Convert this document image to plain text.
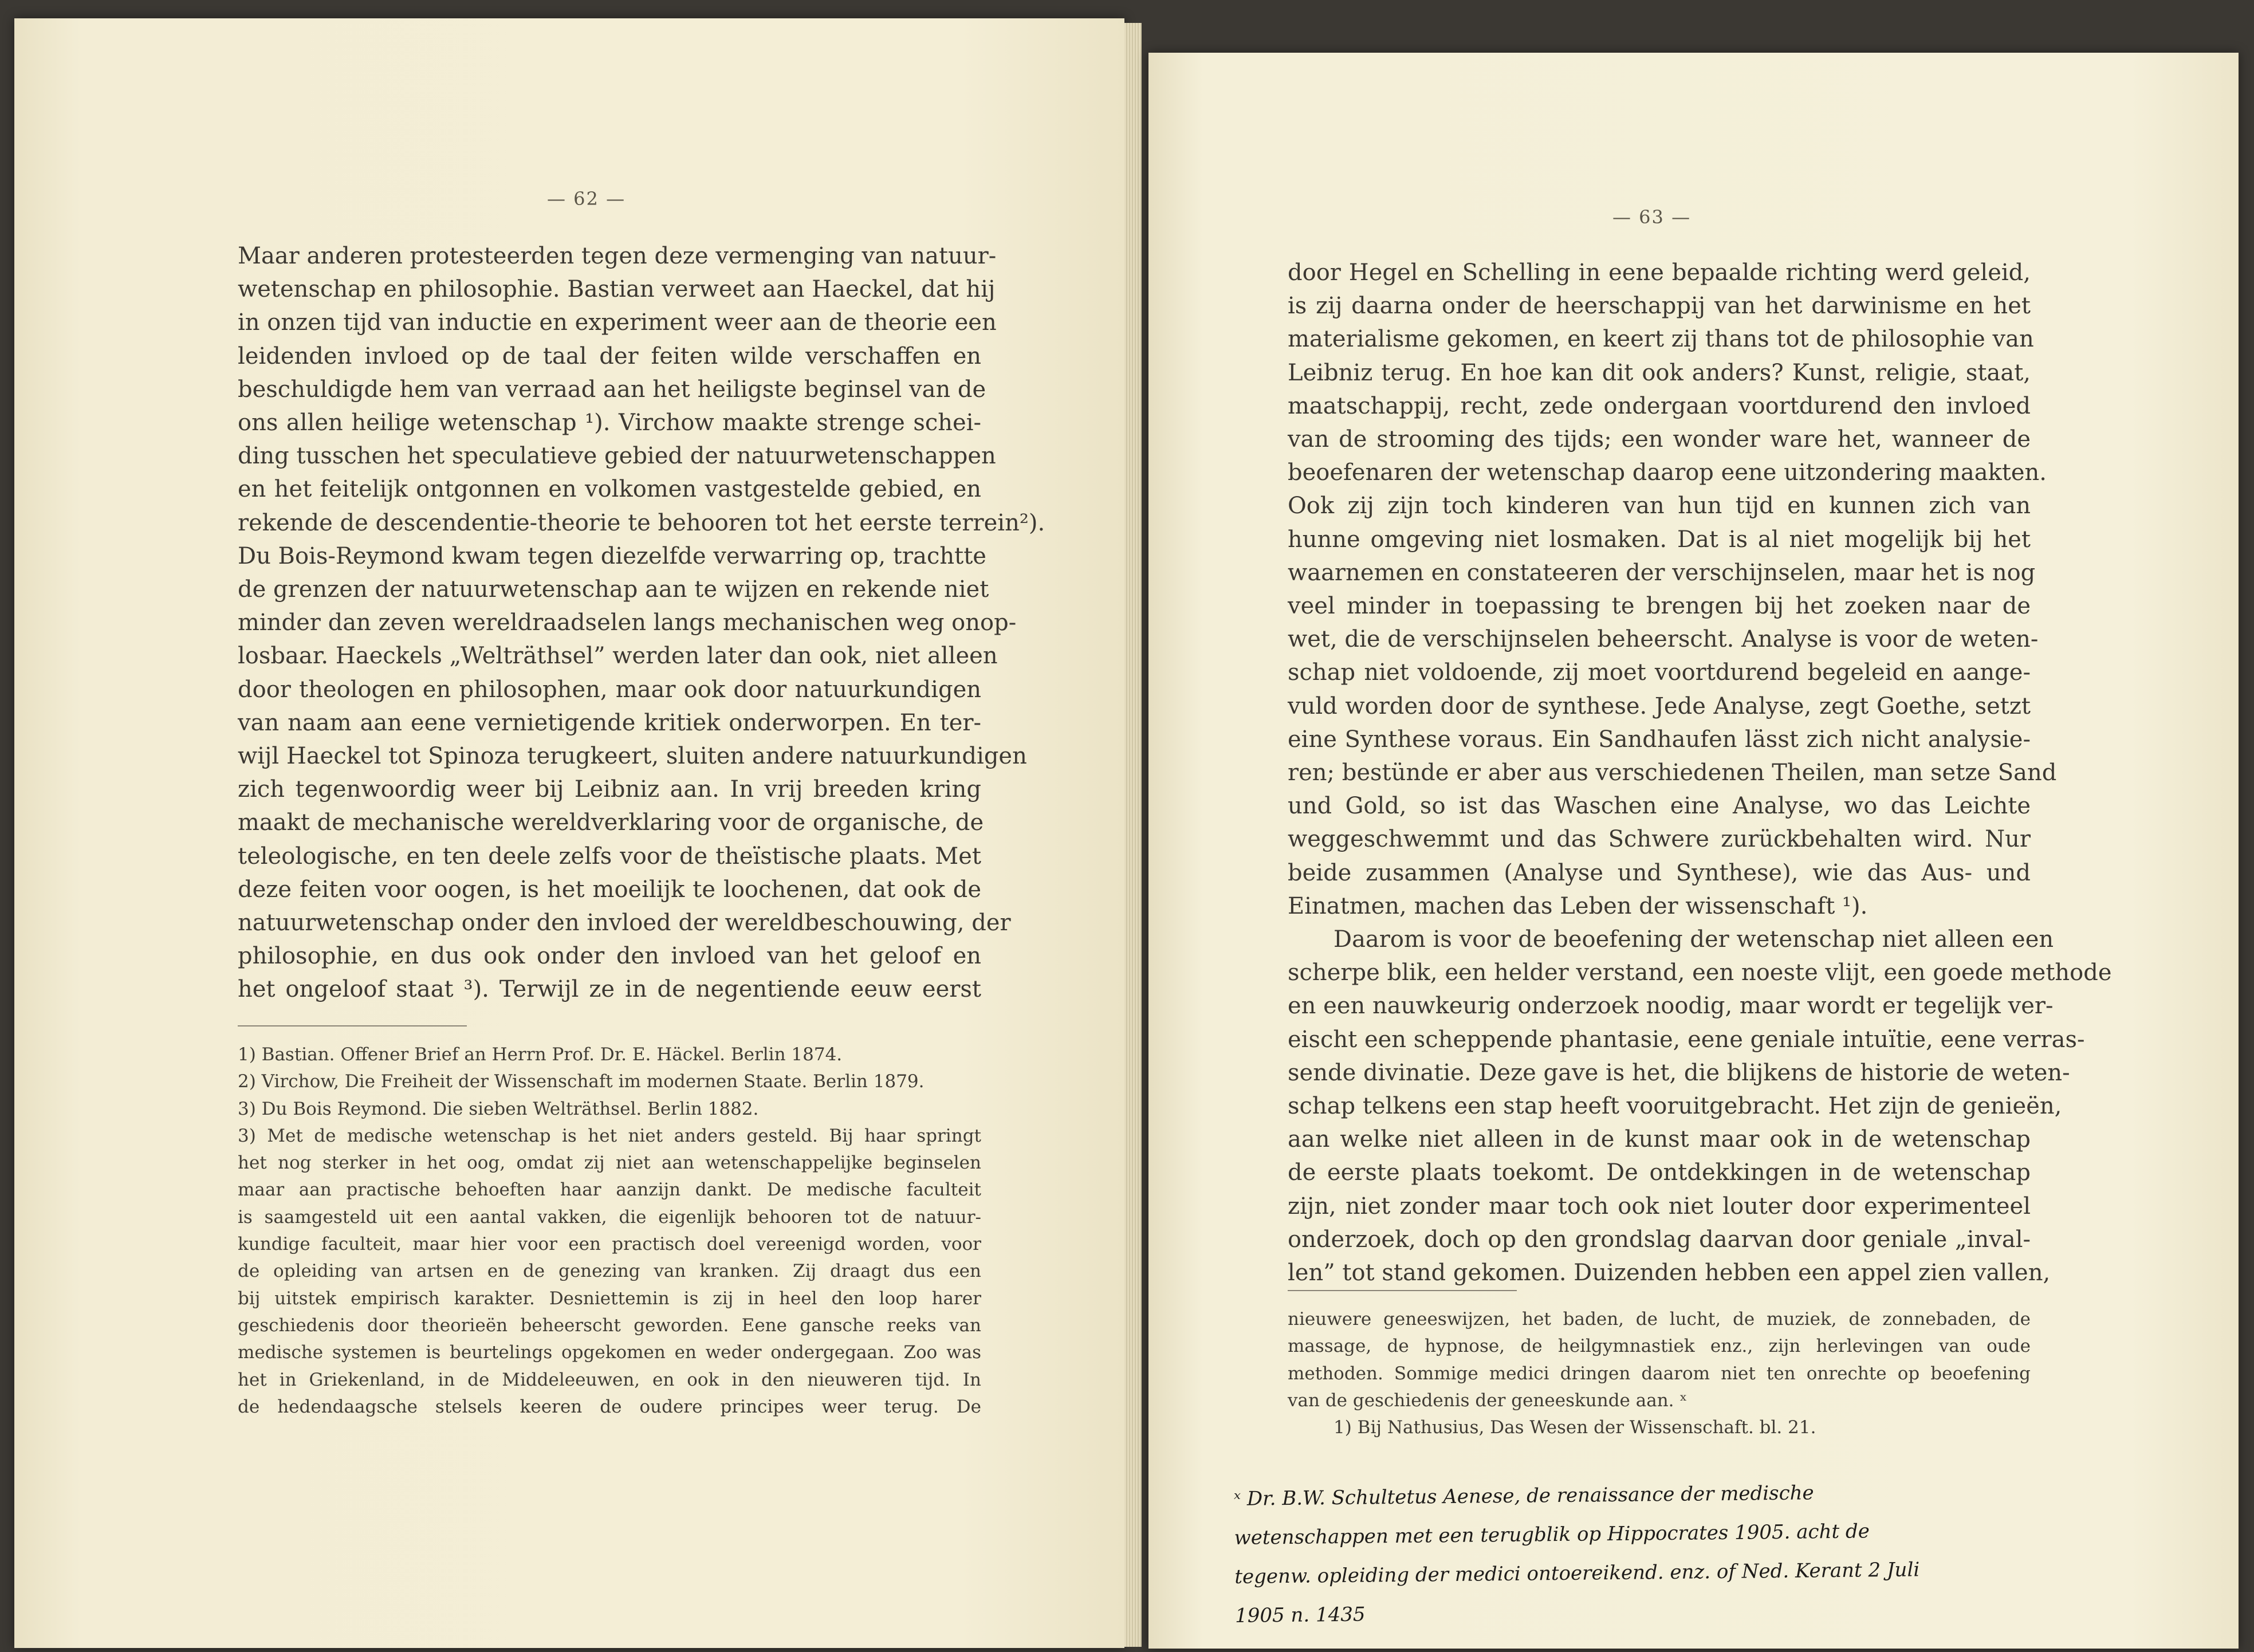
— 62 —
— 63 —
Maar anderen protesteerden tegen deze vermenging van natuur-
wetenschap en philosophie. Bastian verweet aan Haeckel, dat hij
in onzen tijd van inductie en experiment weer aan de theorie een
leidenden invloed op de taal der feiten wilde verschaffen en
beschuldigde hem van verraad aan het heiligste beginsel van de
ons allen heilige wetenschap ¹). Virchow maakte strenge schei-
ding tusschen het speculatieve gebied der natuurwetenschappen
en het feitelijk ontgonnen en volkomen vastgestelde gebied, en
rekende de descendentie-theorie te behooren tot het eerste terrein²).
Du Bois-Reymond kwam tegen diezelfde verwarring op, trachtte
de grenzen der natuurwetenschap aan te wijzen en rekende niet
minder dan zeven wereldraadselen langs mechanischen weg onop-
losbaar. Haeckels „Welträthsel” werden later dan ook, niet alleen
door theologen en philosophen, maar ook door natuurkundigen
van naam aan eene vernietigende kritiek onderworpen. En ter-
wijl Haeckel tot Spinoza terugkeert, sluiten andere natuurkundigen
zich tegenwoordig weer bij Leibniz aan. In vrij breeden kring
maakt de mechanische wereldverklaring voor de organische, de
teleologische, en ten deele zelfs voor de theïstische plaats. Met
deze feiten voor oogen, is het moeilijk te loochenen, dat ook de
natuurwetenschap onder den invloed der wereldbeschouwing, der
philosophie, en dus ook onder den invloed van het geloof en
het ongeloof staat ³). Terwijl ze in de negentiende eeuw eerst
1) Bastian. Offener Brief an Herrn Prof. Dr. E. Häckel. Berlin 1874.
2) Virchow, Die Freiheit der Wissenschaft im modernen Staate. Berlin 1879.
3) Du Bois Reymond. Die sieben Welträthsel. Berlin 1882.
3) Met de medische wetenschap is het niet anders gesteld. Bij haar springt
het nog sterker in het oog, omdat zij niet aan wetenschappelijke beginselen
maar aan practische behoeften haar aanzijn dankt. De medische faculteit
is saamgesteld uit een aantal vakken, die eigenlijk behooren tot de natuur-
kundige faculteit, maar hier voor een practisch doel vereenigd worden, voor
de opleiding van artsen en de genezing van kranken. Zij draagt dus een
bij uitstek empirisch karakter. Desniettemin is zij in heel den loop harer
geschiedenis door theorieën beheerscht geworden. Eene gansche reeks van
medische systemen is beurtelings opgekomen en weder ondergegaan. Zoo was
het in Griekenland, in de Middeleeuwen, en ook in den nieuweren tijd. In
de hedendaagsche stelsels keeren de oudere principes weer terug. De
door Hegel en Schelling in eene bepaalde richting werd geleid,
is zij daarna onder de heerschappij van het darwinisme en het
materialisme gekomen, en keert zij thans tot de philosophie van
Leibniz terug. En hoe kan dit ook anders? Kunst, religie, staat,
maatschappij, recht, zede ondergaan voortdurend den invloed
van de strooming des tijds; een wonder ware het, wanneer de
beoefenaren der wetenschap daarop eene uitzondering maakten.
Ook zij zijn toch kinderen van hun tijd en kunnen zich van
hunne omgeving niet losmaken. Dat is al niet mogelijk bij het
waarnemen en constateeren der verschijnselen, maar het is nog
veel minder in toepassing te brengen bij het zoeken naar de
wet, die de verschijnselen beheerscht. Analyse is voor de weten-
schap niet voldoende, zij moet voortdurend begeleid en aange-
vuld worden door de synthese. Jede Analyse, zegt Goethe, setzt
eine Synthese voraus. Ein Sandhaufen lässt zich nicht analysie-
ren; bestünde er aber aus verschiedenen Theilen, man setze Sand
und Gold, so ist das Waschen eine Analyse, wo das Leichte
weggeschwemmt und das Schwere zurückbehalten wird. Nur
beide zusammen (Analyse und Synthese), wie das Aus- und
Einatmen, machen das Leben der wissenschaft ¹).
Daarom is voor de beoefening der wetenschap niet alleen een
scherpe blik, een helder verstand, een noeste vlijt, een goede methode
en een nauwkeurig onderzoek noodig, maar wordt er tegelijk ver-
eischt een scheppende phantasie, eene geniale intuïtie, eene verras-
sende divinatie. Deze gave is het, die blijkens de historie de weten-
schap telkens een stap heeft vooruitgebracht. Het zijn de genieën,
aan welke niet alleen in de kunst maar ook in de wetenschap
de eerste plaats toekomt. De ontdekkingen in de wetenschap
zijn, niet zonder maar toch ook niet louter door experimenteel
onderzoek, doch op den grondslag daarvan door geniale „inval-
len” tot stand gekomen. Duizenden hebben een appel zien vallen,
nieuwere geneeswijzen, het baden, de lucht, de muziek, de zonnebaden, de
massage, de hypnose, de heilgymnastiek enz., zijn herlevingen van oude
methoden. Sommige medici dringen daarom niet ten onrechte op beoefening
van de geschiedenis der geneeskunde aan. ˣ
1) Bij Nathusius, Das Wesen der Wissenschaft. bl. 21.
ˣ Dr. B.W. Schultetus Aenese, de renaissance der medische
wetenschappen met een terugblik op Hippocrates 1905. acht de
tegenw. opleiding der medici ontoereikend. enz. of Ned. Kerant 2 Juli
1905 n. 1435
